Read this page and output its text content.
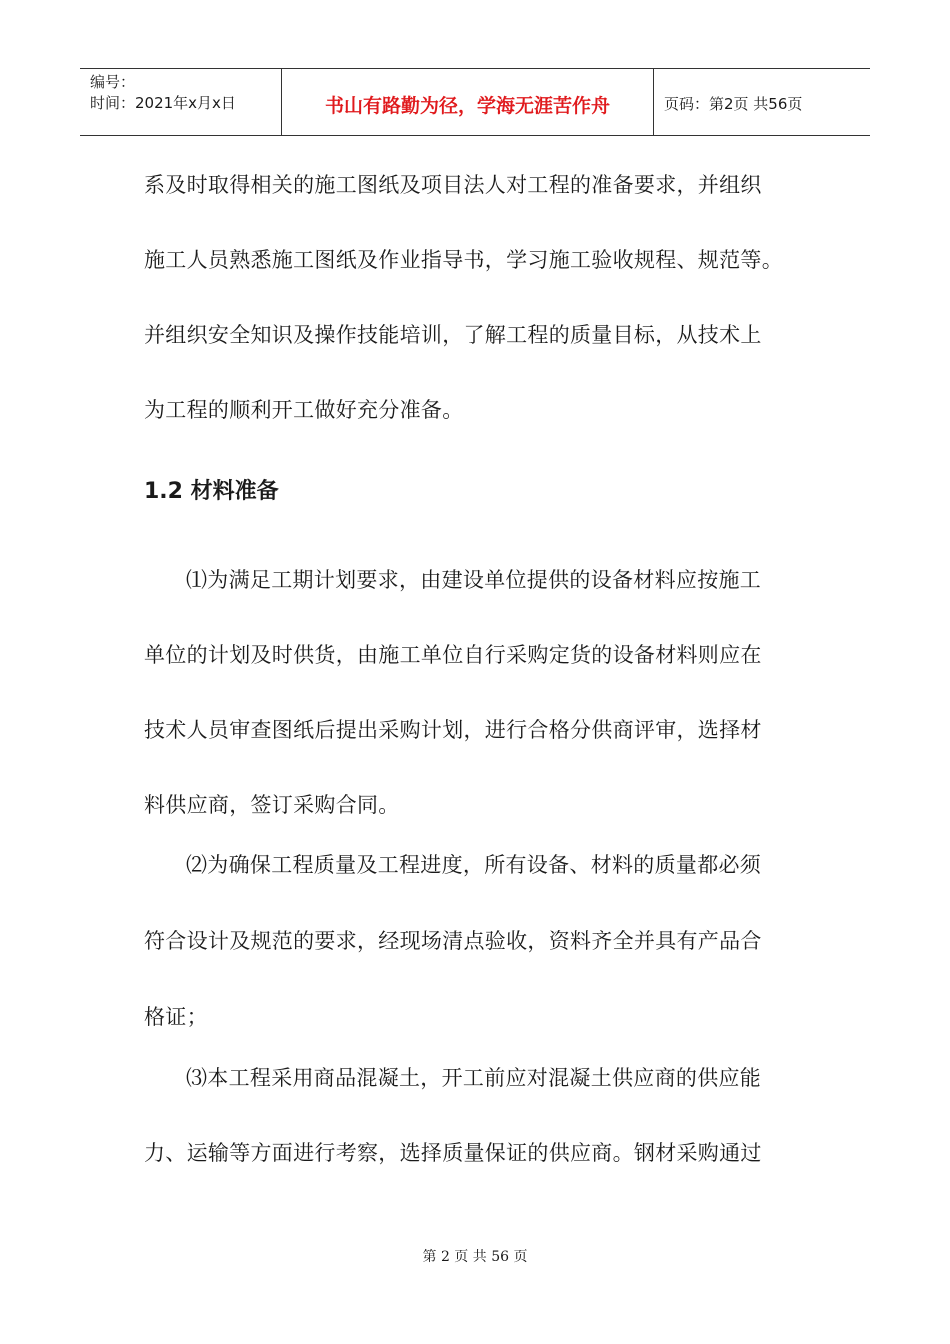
编号：
时间：2021年x月x日	书山有路勤为径，学海无涯苦作舟	页码：第2页 共56页
系及时取得相关的施工图纸及项目法人对工程的准备要求，并组织
施工人员熟悉施工图纸及作业指导书，学习施工验收规程、规范等。
并组织安全知识及操作技能培训，了解工程的质量目标，从技术上
为工程的顺利开工做好充分准备。
1.2 材料准备
⑴为满足工期计划要求，由建设单位提供的设备材料应按施工
单位的计划及时供货，由施工单位自行采购定货的设备材料则应在
技术人员审查图纸后提出采购计划，进行合格分供商评审，选择材
料供应商，签订采购合同。
⑵为确保工程质量及工程进度，所有设备、材料的质量都必须
符合设计及规范的要求，经现场清点验收，资料齐全并具有产品合
格证；
⑶本工程采用商品混凝土，开工前应对混凝土供应商的供应能
力、运输等方面进行考察，选择质量保证的供应商。钢材采购通过
第 2 页 共 56 页
